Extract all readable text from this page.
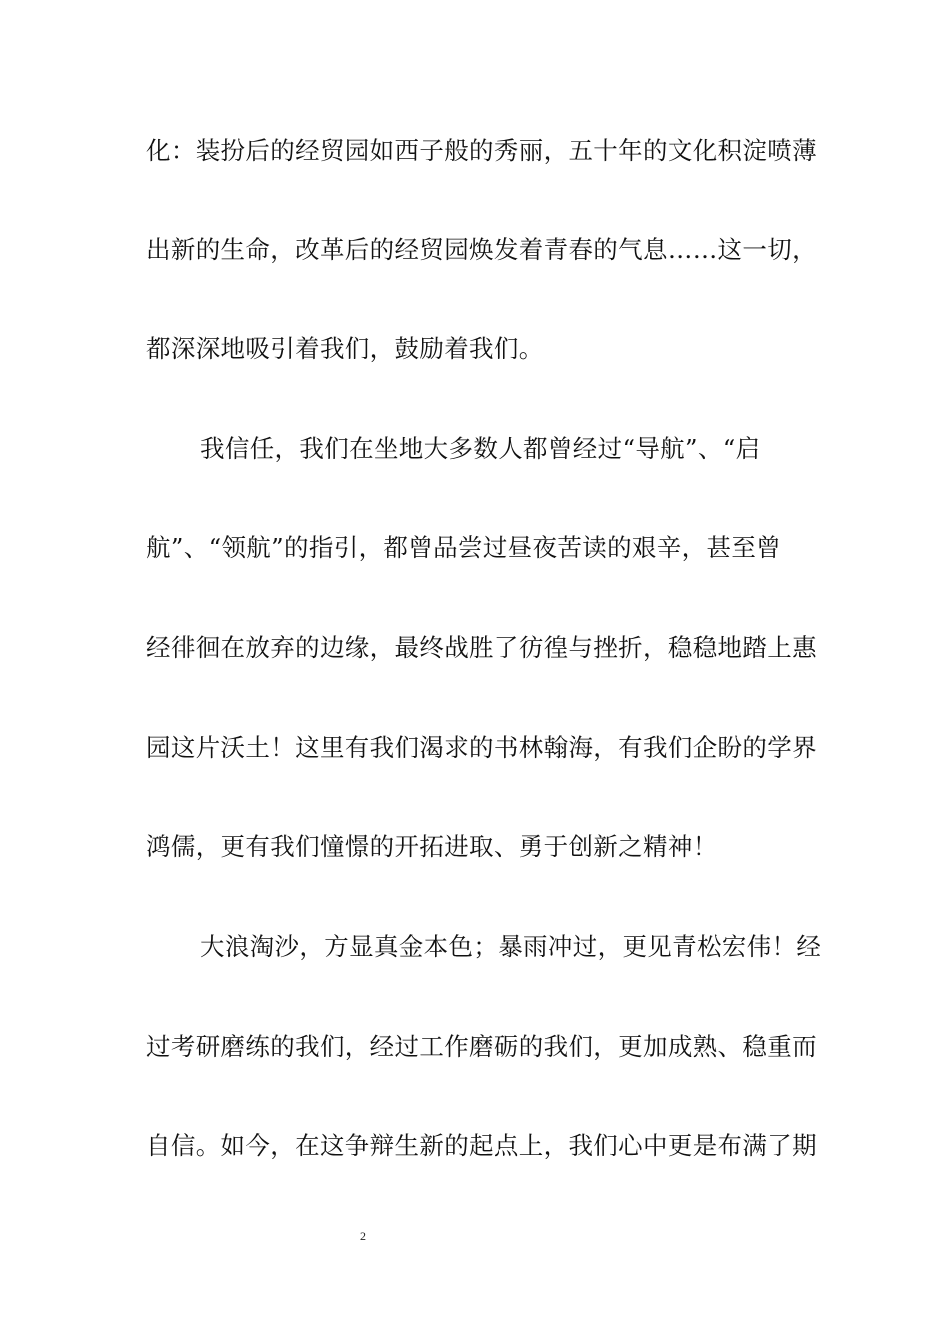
化：装扮后的经贸园如西子般的秀丽，五十年的文化积淀喷薄
出新的生命，改革后的经贸园焕发着青春的气息……这一切，
都深深地吸引着我们，鼓励着我们。
我信任，我们在坐地大多数人都曾经过“导航”、“启
航”、“领航”的指引，都曾品尝过昼夜苦读的艰辛，甚至曾
经徘徊在放弃的边缘，最终战胜了彷徨与挫折，稳稳地踏上惠
园这片沃土！这里有我们渴求的书林翰海，有我们企盼的学界
鸿儒，更有我们憧憬的开拓进取、勇于创新之精神！
大浪淘沙，方显真金本色；暴雨冲过，更见青松宏伟！经
过考研磨练的我们，经过工作磨砺的我们，更加成熟、稳重而
自信。如今，在这争辩生新的起点上，我们心中更是布满了期
2
